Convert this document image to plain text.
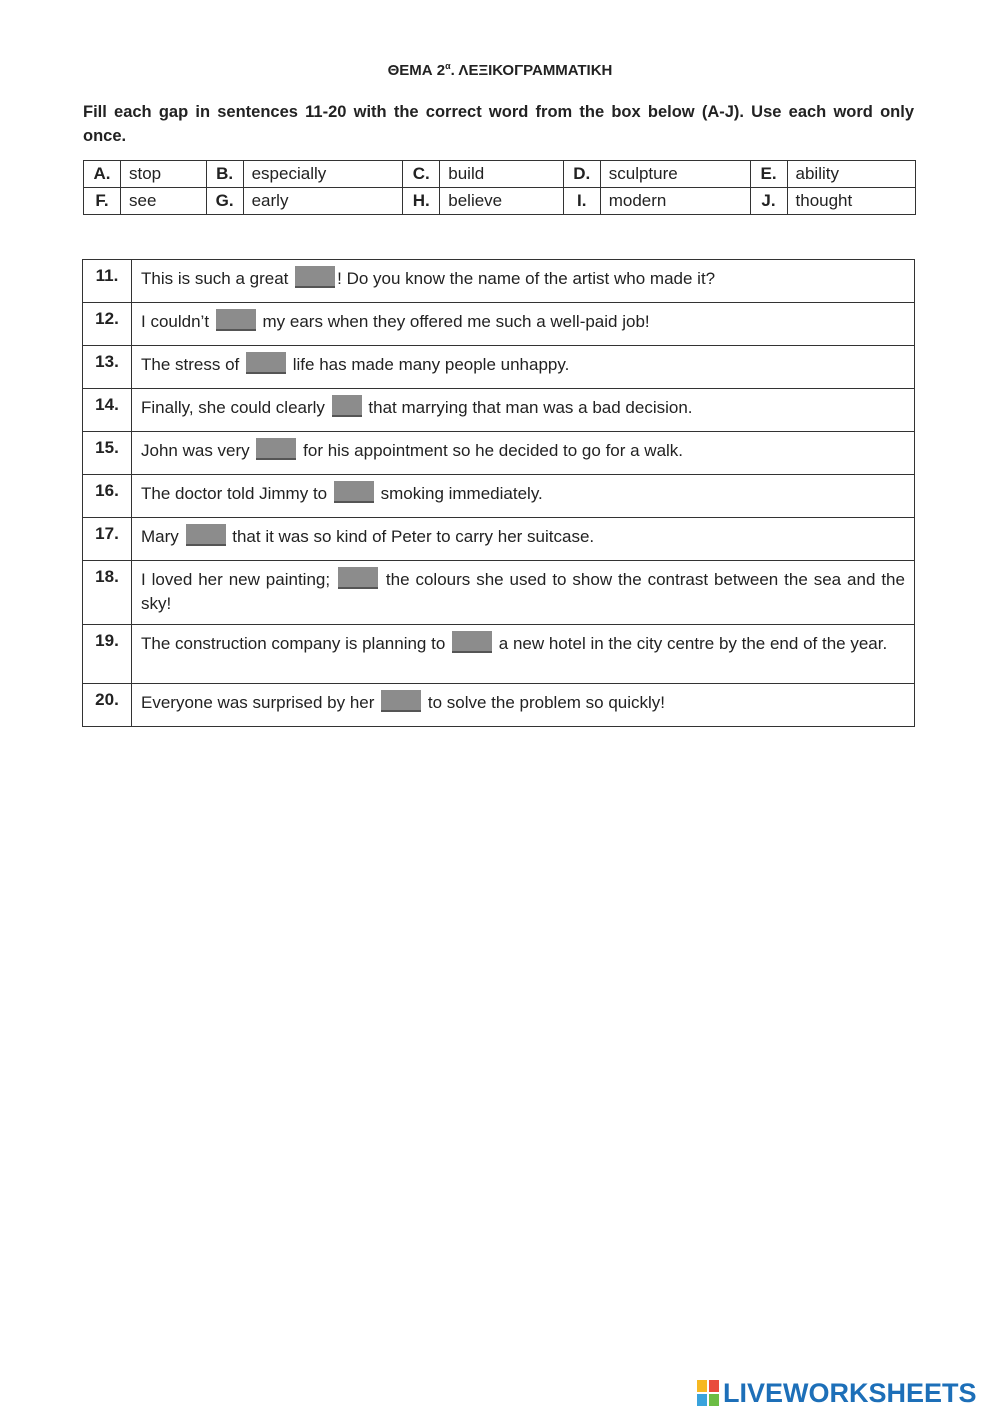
ΘΕΜΑ $2^\alpha$. ΛΕΞΙΚΟΓΡΑΜΜΑΤΙΚΗ
Fill each gap in sentences 11-20 with the correct word from the box below (A-J). Use each word only once.
A.	stop	B.	especially	C.	build	D.	sculpture	E.	ability
F.	see	G.	early	H.	believe	I.	modern	J.	thought
11.	This is such a great ! Do you know the name of the artist who made it?
12.	I couldn’t my ears when they offered me such a well-paid job!
13.	The stress of life has made many people unhappy.
14.	Finally, she could clearly that marrying that man was a bad decision.
15.	John was very for his appointment so he decided to go for a walk.
16.	The doctor told Jimmy to smoking immediately.
17.	Mary that it was so kind of Peter to carry her suitcase.
18.	I loved her new painting; the colours she used to show the contrast between the sea and the sky!
19.	The construction company is planning to a new hotel in the city centre by the end of the year.
20.	Everyone was surprised by her to solve the problem so quickly!
LIVEWORKSHEETS
